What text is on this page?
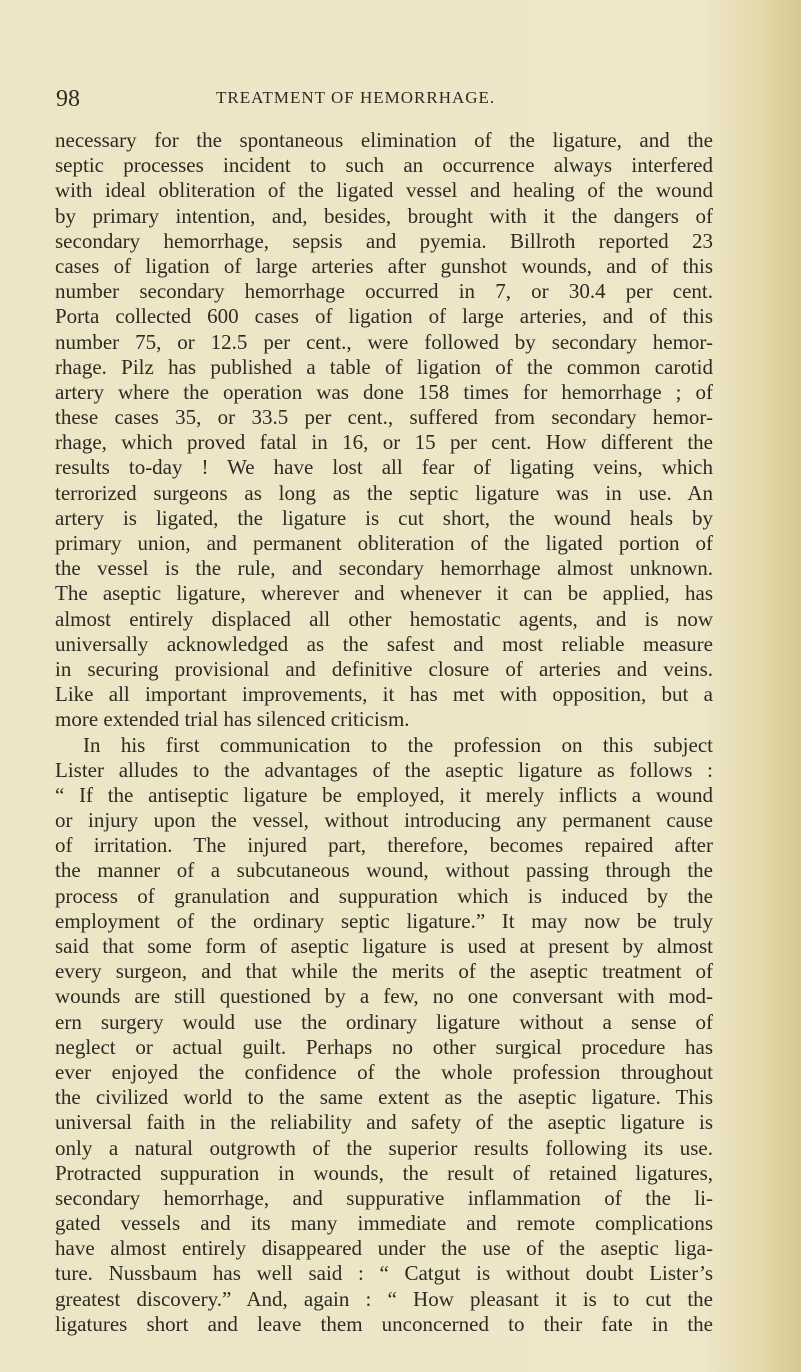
98	TREATMENT OF HEMORRHAGE.
necessary for the spontaneous elimination of the ligature, and the
septic processes incident to such an occurrence always interfered
with ideal obliteration of the ligated vessel and healing of the wound
by primary intention, and, besides, brought with it the dangers of
secondary hemorrhage, sepsis and pyemia. Billroth reported 23
cases of ligation of large arteries after gunshot wounds, and of this
number secondary hemorrhage occurred in 7, or 30.4 per cent.
Porta collected 600 cases of ligation of large arteries, and of this
number 75, or 12.5 per cent., were followed by secondary hemor-
rhage. Pilz has published a table of ligation of the common carotid
artery where the operation was done 158 times for hemorrhage ; of
these cases 35, or 33.5 per cent., suffered from secondary hemor-
rhage, which proved fatal in 16, or 15 per cent. How different the
results to-day ! We have lost all fear of ligating veins, which
terrorized surgeons as long as the septic ligature was in use. An
artery is ligated, the ligature is cut short, the wound heals by
primary union, and permanent obliteration of the ligated portion of
the vessel is the rule, and secondary hemorrhage almost unknown.
The aseptic ligature, wherever and whenever it can be applied, has
almost entirely displaced all other hemostatic agents, and is now
universally acknowledged as the safest and most reliable measure
in securing provisional and definitive closure of arteries and veins.
Like all important improvements, it has met with opposition, but a
more extended trial has silenced criticism.
In his first communication to the profession on this subject
Lister alludes to the advantages of the aseptic ligature as follows :
“ If the antiseptic ligature be employed, it merely inflicts a wound
or injury upon the vessel, without introducing any permanent cause
of irritation. The injured part, therefore, becomes repaired after
the manner of a subcutaneous wound, without passing through the
process of granulation and suppuration which is induced by the
employment of the ordinary septic ligature.” It may now be truly
said that some form of aseptic ligature is used at present by almost
every surgeon, and that while the merits of the aseptic treatment of
wounds are still questioned by a few, no one conversant with mod-
ern surgery would use the ordinary ligature without a sense of
neglect or actual guilt. Perhaps no other surgical procedure has
ever enjoyed the confidence of the whole profession throughout
the civilized world to the same extent as the aseptic ligature. This
universal faith in the reliability and safety of the aseptic ligature is
only a natural outgrowth of the superior results following its use.
Protracted suppuration in wounds, the result of retained ligatures,
secondary hemorrhage, and suppurative inflammation of the li-
gated vessels and its many immediate and remote complications
have almost entirely disappeared under the use of the aseptic liga-
ture. Nussbaum has well said : “ Catgut is without doubt Lister’s
greatest discovery.” And, again : “ How pleasant it is to cut the
ligatures short and leave them unconcerned to their fate in the
